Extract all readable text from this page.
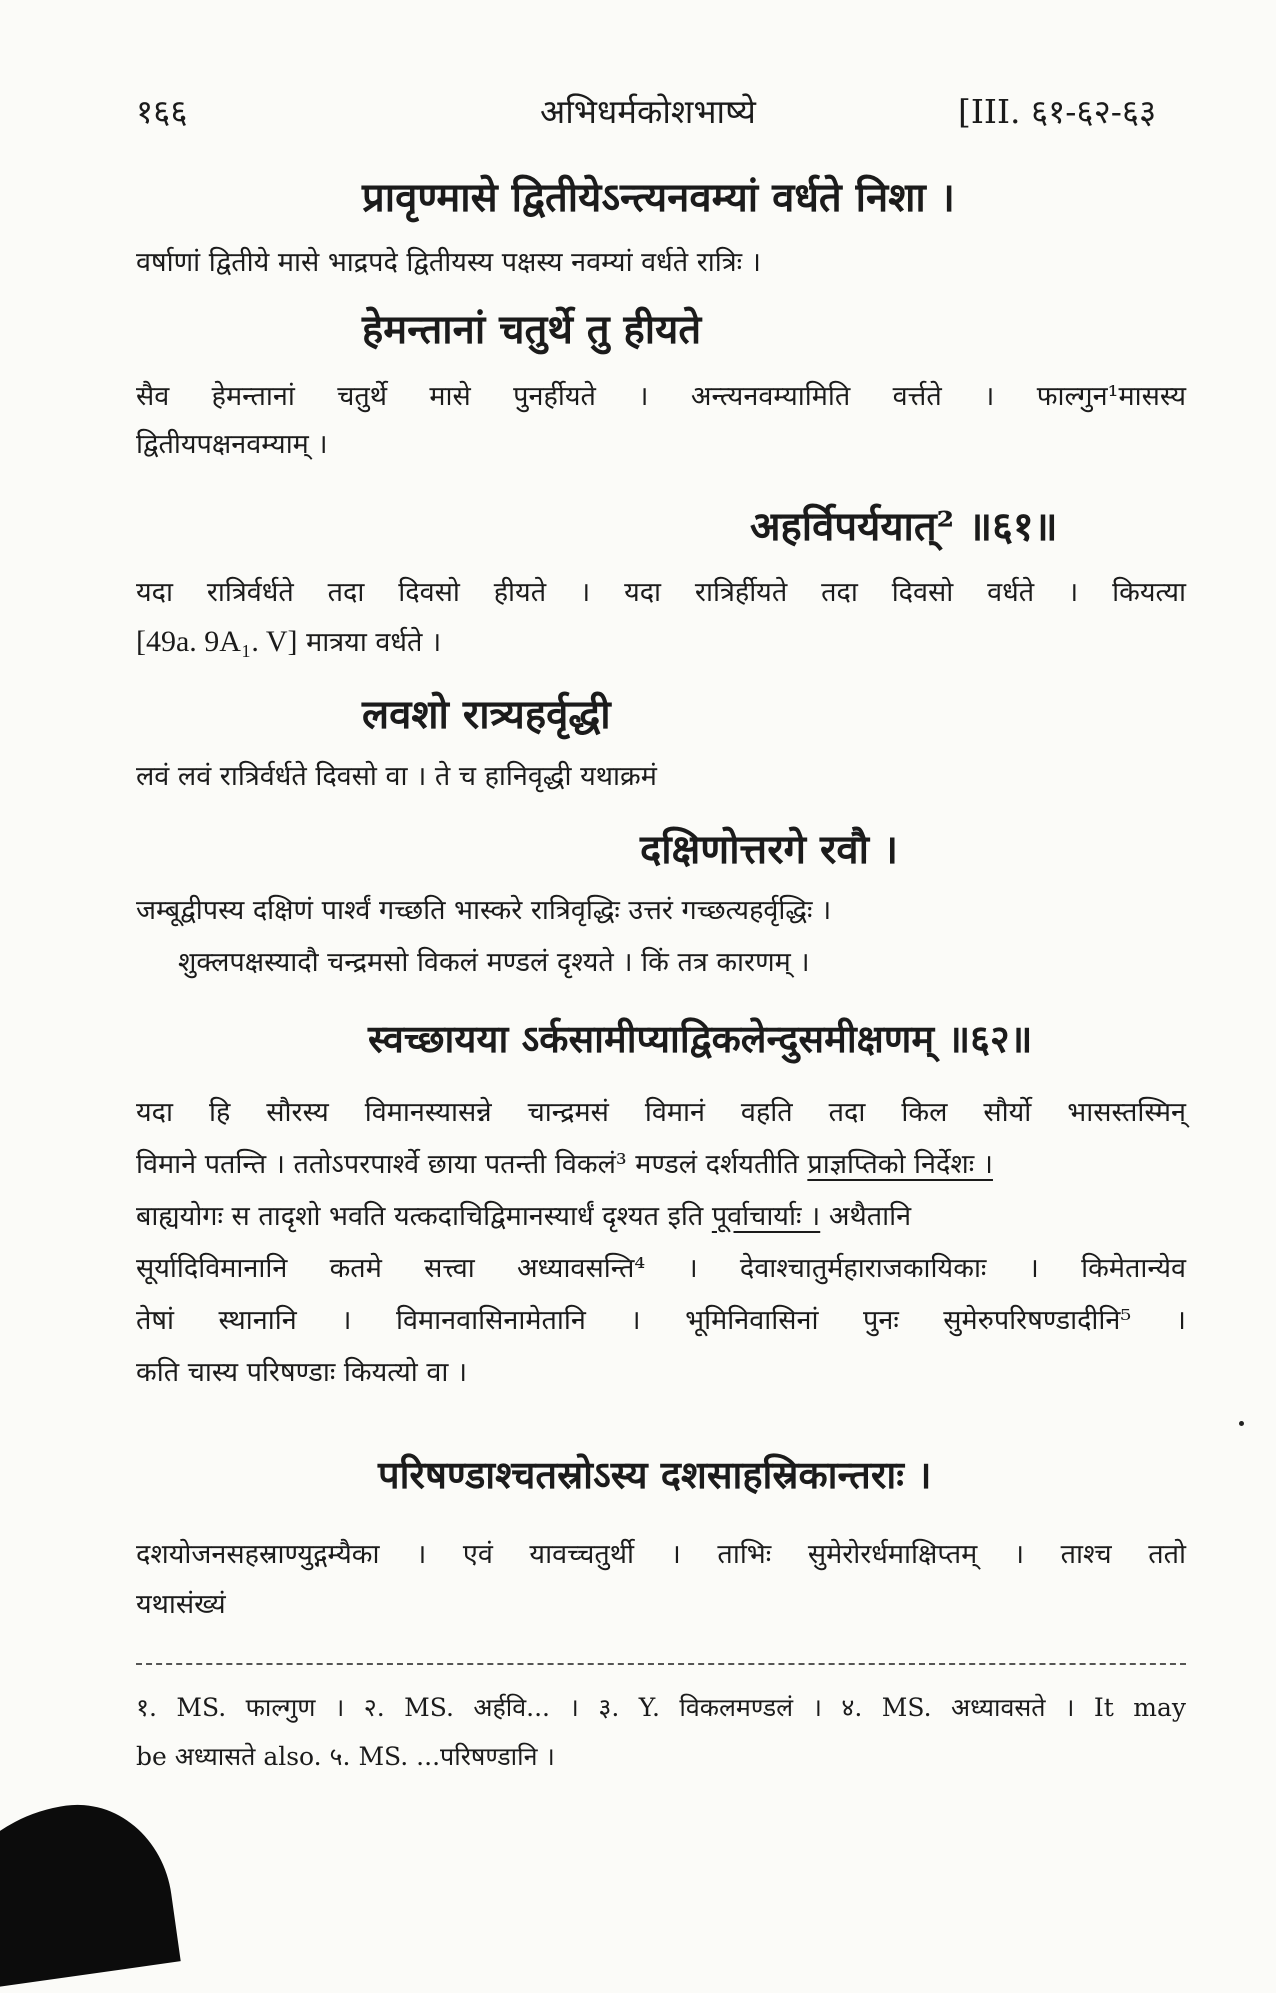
१६६	अभिधर्मकोशभाष्ये	[III. ६१-६२-६३
प्रावृण्मासे द्वितीयेऽन्त्यनवम्यां वर्धते निशा ।
वर्षाणां द्वितीये मासे भाद्रपदे द्वितीयस्य पक्षस्य नवम्यां वर्धते रात्रिः ।
हेमन्तानां चतुर्थे तु हीयते
सैव हेमन्तानां चतुर्थे मासे पुनर्हीयते । अन्त्यनवम्यामिति वर्त्तते । फाल्गुन¹मासस्य
द्वितीयपक्षनवम्याम् ।
अहर्विपर्ययात्² ॥६१॥
यदा रात्रिर्वर्धते तदा दिवसो हीयते । यदा रात्रिर्हीयते तदा दिवसो वर्धते । कियत्या
[49a. 9A₁. V] मात्रया वर्धते ।
लवशो रात्र्यहर्वृद्धी
लवं लवं रात्रिर्वर्धते दिवसो वा । ते च हानिवृद्धी यथाक्रमं
दक्षिणोत्तरगे रवौ ।
जम्बूद्वीपस्य दक्षिणं पार्श्वं गच्छति भास्करे रात्रिवृद्धिः उत्तरं गच्छत्यहर्वृद्धिः ।
शुक्लपक्षस्यादौ चन्द्रमसो विकलं मण्डलं दृश्यते । किं तत्र कारणम् ।
स्वच्छायया ऽर्कसामीप्याद्विकलेन्दुसमीक्षणम् ॥६२॥
यदा हि सौरस्य विमानस्यासन्ने चान्द्रमसं विमानं वहति तदा किल सौर्यो भासस्तस्मिन्
विमाने पतन्ति । ततोऽपरपार्श्वे छाया पतन्ती विकलं³ मण्डलं दर्शयतीति प्राज्ञप्तिको निर्देशः ।
बाह्ययोगः स तादृशो भवति यत्कदाचिद्विमानस्यार्धं दृश्यत इति पूर्वाचार्याः । अथैतानि
सूर्यादिविमानानि कतमे सत्त्वा अध्यावसन्ति⁴ । देवाश्चातुर्महाराजकायिकाः । किमेतान्येव
तेषां स्थानानि । विमानवासिनामेतानि । भूमिनिवासिनां पुनः सुमेरुपरिषण्डादीनि⁵ ।
कति चास्य परिषण्डाः कियत्यो वा ।
परिषण्डाश्चतस्रोऽस्य दशसाहस्रिकान्तराः ।
दशयोजनसहस्राण्युद्गम्यैका । एवं यावच्चतुर्थी । ताभिः सुमेरोरर्धमाक्षिप्तम् । ताश्च ततो
यथासंख्यं
१. MS. फाल्गुण । २. MS. अर्हवि... । ३. Y. विकलमण्डलं । ४. MS. अध्यावसते । It may
be अध्यासते also. ५. MS. ...परिषण्डानि ।
